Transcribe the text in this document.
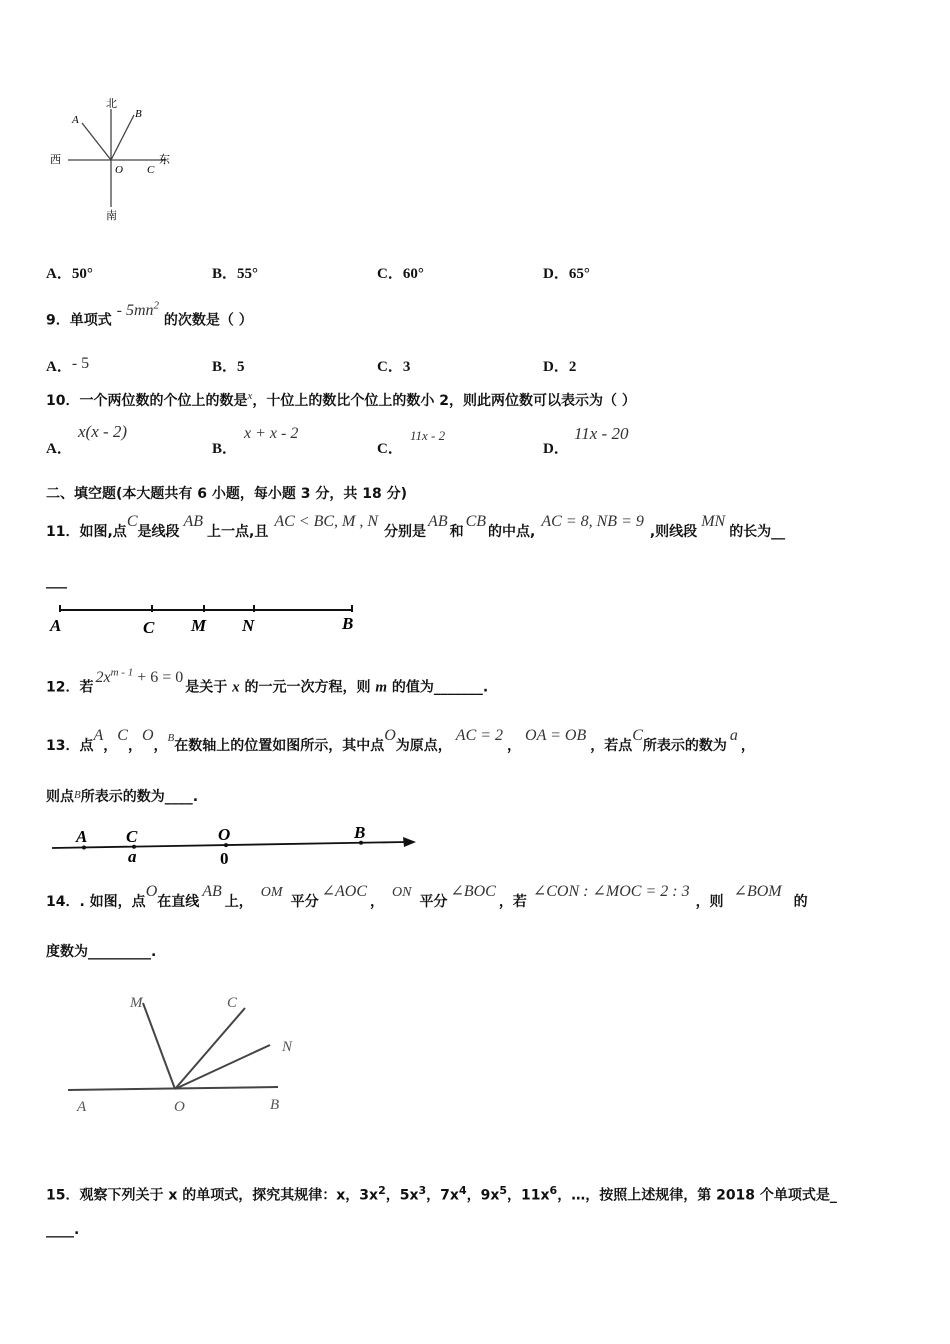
北
南
西	东
A	B
O C
A．50°	B．55°	C．60°	D．65°
9．单项式 - $5mn^2$ 的次数是（ ）
A．- 5	B．5	C．3	D．2
10．一个两位数的个位上的数是$^x$，十位上的数比个位上的数小 2，则此两位数可以表示为（ ）
A．
x(x - 2)
B．
x + x - 2
C．
11x - 2
D．
11x - 20
二、填空题(本大题共有 6 小题，每小题 3 分，共 18 分)
11．如图,点C是线段AB上一点,且AC < BC, M , N分别是AB和CB的中点,AC = 8, NB = 9,则线段MN的长为__
___
A	C M N	B
12．若$2x^{m - 1} + 6 = 0$是关于 x 的一元一次方程，则 m 的值为_______.
13．点A，C，O，$^B$在数轴上的位置如图所示，其中点O为原点，AC = 2，OA = OB，若点C所表示的数为a，
则点$^B$所表示的数为____.
A C	O	B
a	0
14．. 如图，点O在直线AB上，OM平分∠AOC，ON平分∠BOC，若∠CON : ∠MOC = 2 : 3，则∠BOM的
度数为_________.
M	C
N
A	O	B
15．观察下列关于 x 的单项式，探究其规律：x，$3x^2$，$5x^3$，$7x^4$，$9x^5$，$11x^6$，…，按照上述规律，第 2018 个单项式是_
____.
